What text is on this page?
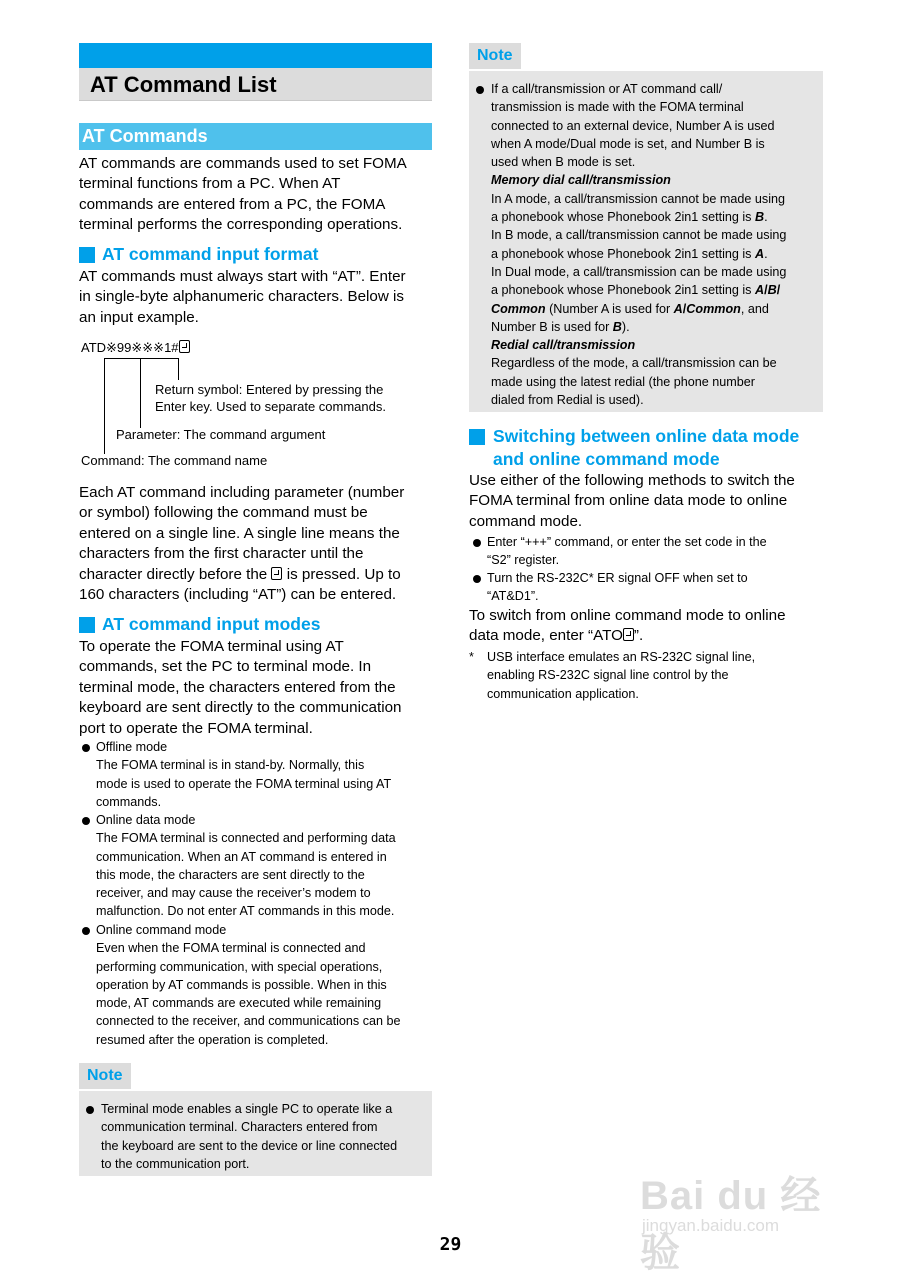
AT Command List
AT Commands
AT commands are commands used to set FOMA
terminal functions from a PC. When AT
commands are entered from a PC, the FOMA
terminal performs the corresponding operations.
AT command input format
AT commands must always start with “AT”. Enter
in single-byte alphanumeric characters. Below is
an input example.
ATD※99※※※1#
Return symbol: Entered by pressing the
Enter key. Used to separate commands.
Parameter: The command argument
Command: The command name
Each AT command including parameter (number
or symbol) following the command must be
entered on a single line. A single line means the
characters from the first character until the
character directly before the  is pressed. Up to
160 characters (including “AT”) can be entered.
AT command input modes
To operate the FOMA terminal using AT
commands, set the PC to terminal mode. In
terminal mode, the characters entered from the
keyboard are sent directly to the communication
port to operate the FOMA terminal.
Offline mode
The FOMA terminal is in stand-by. Normally, this
mode is used to operate the FOMA terminal using AT
commands.
Online data mode
The FOMA terminal is connected and performing data
communication. When an AT command is entered in
this mode, the characters are sent directly to the
receiver, and may cause the receiver’s modem to
malfunction. Do not enter AT commands in this mode.
Online command mode
Even when the FOMA terminal is connected and
performing communication, with special operations,
operation by AT commands is possible. When in this
mode, AT commands are executed while remaining
connected to the receiver, and communications can be
resumed after the operation is completed.
Note
Terminal mode enables a single PC to operate like a
communication terminal. Characters entered from
the keyboard are sent to the device or line connected
to the communication port.
Note
If a call/transmission or AT command call/
transmission is made with the FOMA terminal
connected to an external device, Number A is used
when A mode/Dual mode is set, and Number B is
used when B mode is set.
Memory dial call/transmission
In A mode, a call/transmission cannot be made using
a phonebook whose Phonebook 2in1 setting is B.
In B mode, a call/transmission cannot be made using
a phonebook whose Phonebook 2in1 setting is A.
In Dual mode, a call/transmission can be made using
a phonebook whose Phonebook 2in1 setting is A/B/
Common (Number A is used for A/Common, and
Number B is used for B).
Redial call/transmission
Regardless of the mode, a call/transmission can be
made using the latest redial (the phone number
dialed from Redial is used).
Switching between online data mode
and online command mode
Use either of the following methods to switch the
FOMA terminal from online data mode to online
command mode.
Enter “+++” command, or enter the set code in the
“S2” register.
Turn the RS-232C* ER signal OFF when set to
“AT&D1”.
To switch from online command mode to online
data mode, enter “ATO ”.
* USB interface emulates an RS-232C signal line,
enabling RS-232C signal line control by the
communication application.
Bai du 经验
jingyan.baidu.com
29
